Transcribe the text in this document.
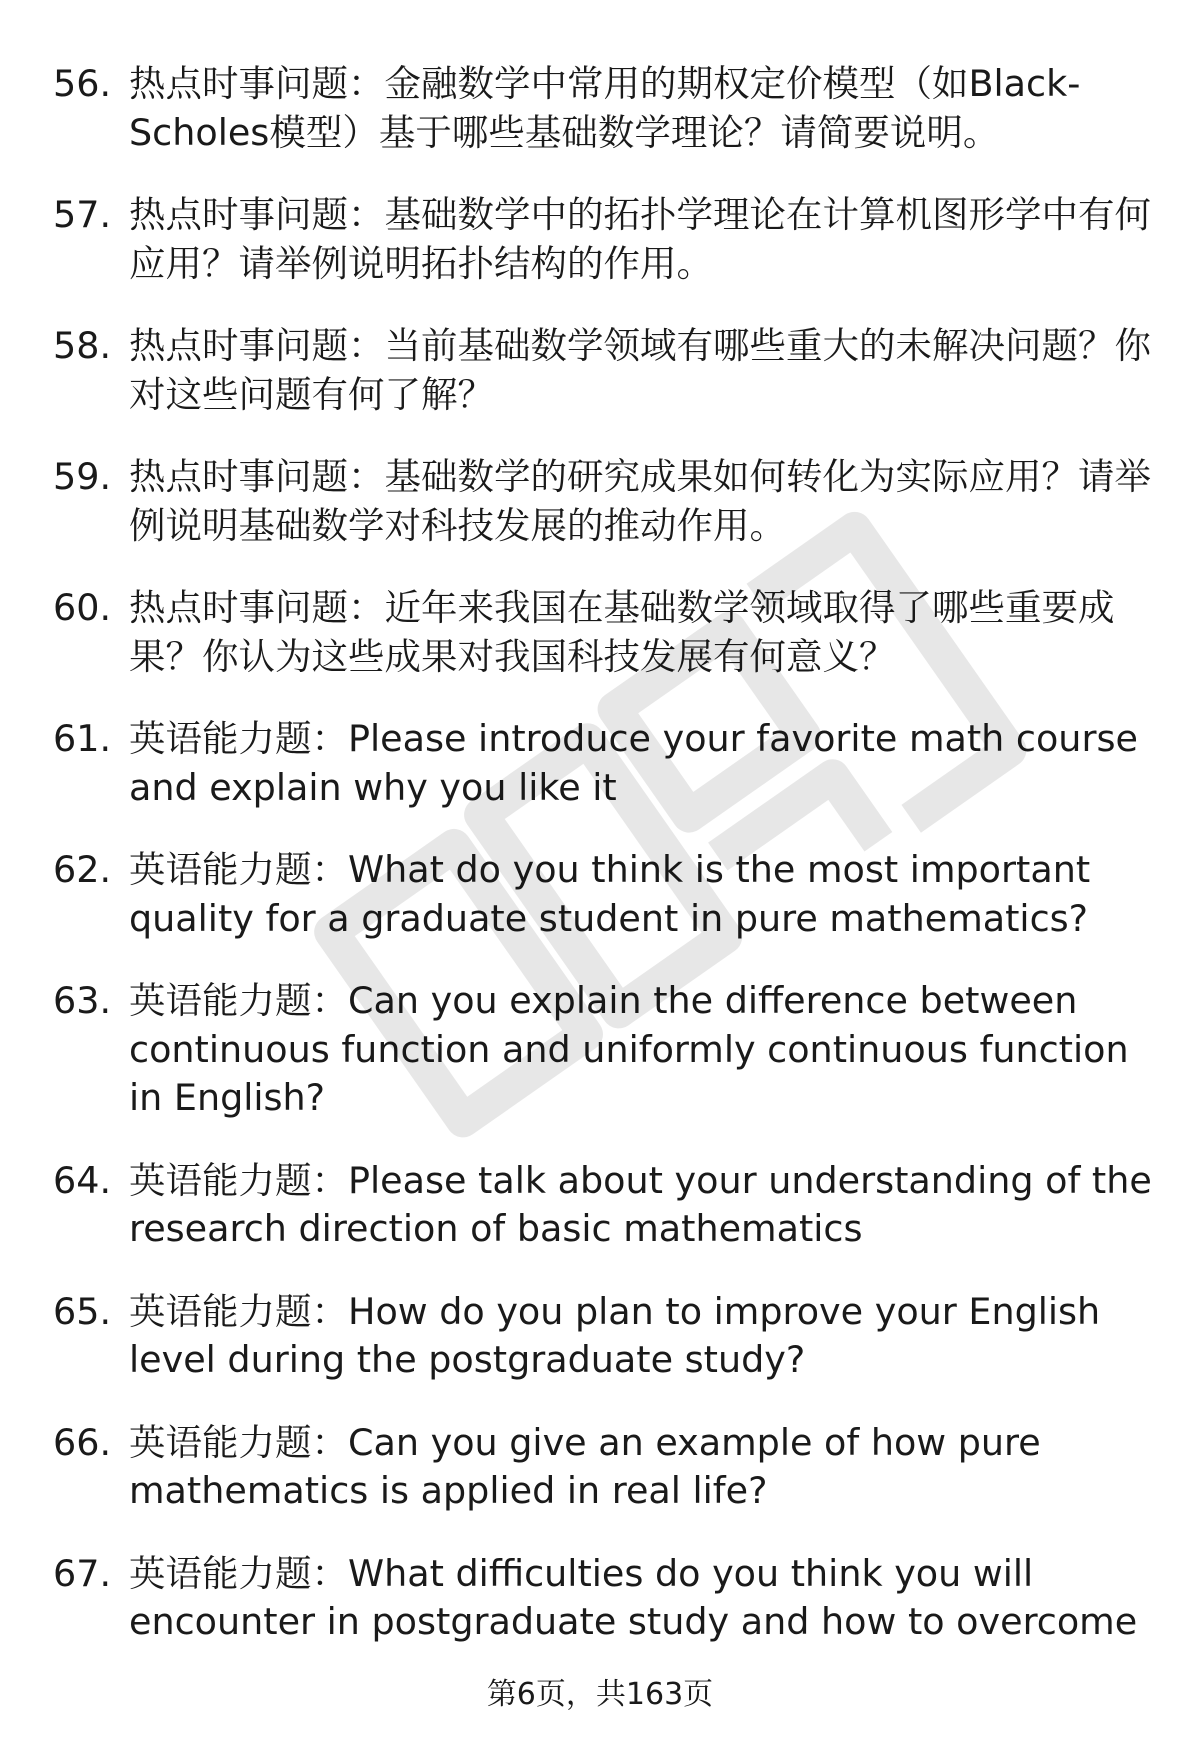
56. 热点时事问题：金融数学中常用的期权定价模型（如Black-Scholes模型）基于哪些基础数学理论？请简要说明。
57. 热点时事问题：基础数学中的拓扑学理论在计算机图形学中有何应用？请举例说明拓扑结构的作用。
58. 热点时事问题：当前基础数学领域有哪些重大的未解决问题？你对这些问题有何了解？
59. 热点时事问题：基础数学的研究成果如何转化为实际应用？请举例说明基础数学对科技发展的推动作用。
60. 热点时事问题：近年来我国在基础数学领域取得了哪些重要成果？你认为这些成果对我国科技发展有何意义？
61. 英语能力题：Please introduce your favorite math course and explain why you like it
62. 英语能力题：What do you think is the most important quality for a graduate student in pure mathematics?
63. 英语能力题：Can you explain the difference between continuous function and uniformly continuous function in English?
64. 英语能力题：Please talk about your understanding of the research direction of basic mathematics
65. 英语能力题：How do you plan to improve your English level during the postgraduate study?
66. 英语能力题：Can you give an example of how pure mathematics is applied in real life?
67. 英语能力题：What difficulties do you think you will encounter in postgraduate study and how to overcome
第6页，共163页
